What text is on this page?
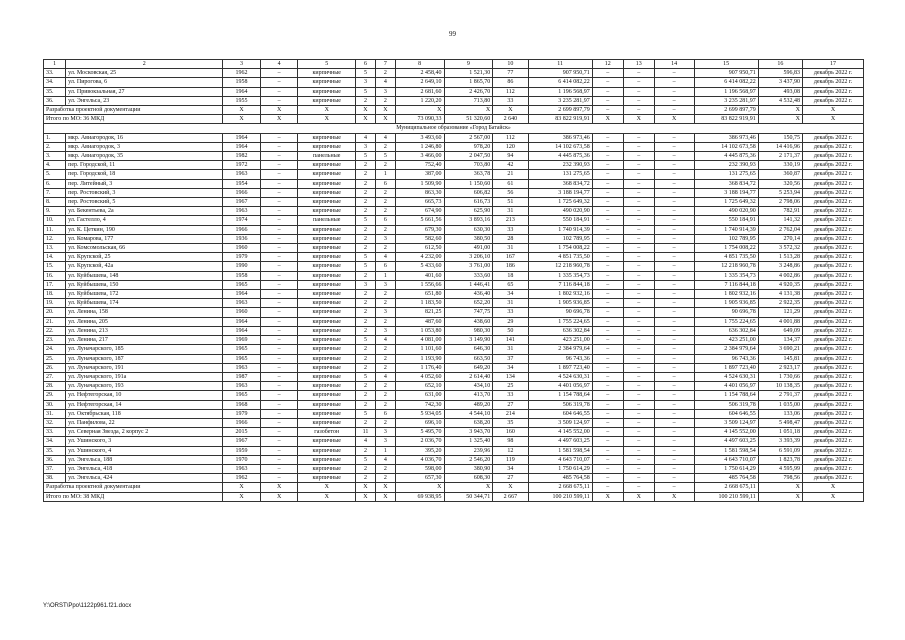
99
1	2	3	4	5	6	7	8	9	10	11	12	13	14	15	16	17
33.	ул. Московская, 25	1962	–	кирпичные	5	2	2 458,40	1 521,30	77	907 950,71	–	–	–	907 950,71	596,83	декабрь 2022 г.
34.	ул. Пирогова, 6	1958	–	кирпичные	3	4	2 649,10	1 865,70	86	6 414 082,22	–	–	–	6 414 082,22	3 437,90	декабрь 2022 г.
35.	ул. Привокзальная, 27	1964	–	кирпичные	5	3	2 681,60	2 426,70	112	1 196 568,97	–	–	–	1 196 568,97	493,08	декабрь 2022 г.
36.	ул. Энгельса, 23	1955	–	кирпичные	2	2	1 220,20	713,80	33	3 235 281,97	–	–	–	3 235 281,97	4 532,48	декабрь 2022 г.
Разработка проектной документации		X	X	X	X	X	X	X	X	2 699 897,79	–	–	–	2 699 897,79	X	X
Итого по МО: 36 МКД		X	X	X	X	X	73 090,33	51 320,60	2 640	83 822 919,91	X	X	X	83 822 919,91	X	X
Муниципальное образование «Город Батайск»																
1.	мкр. Авиагородок, 16	1964	–	кирпичные	4	4	3 493,60	2 567,00	112	386 973,46	–	–	–	386 973,46	150,75	декабрь 2022 г.
2.	мкр. Авиагородок, 3	1964	–	кирпичные	3	2	1 246,80	978,20	120	14 102 673,58	–	–	–	14 102 673,58	14 416,96	декабрь 2022 г.
3.	мкр. Авиагородок, 35	1982	–	панельные	5	5	3 466,00	2 047,50	94	4 445 875,36	–	–	–	4 445 875,36	2 171,37	декабрь 2022 г.
4.	пер. Городской, 11	1972	–	кирпичные	2	2	752,40	703,80	42	232 390,93	–	–	–	232 390,93	330,19	декабрь 2022 г.
5.	пер. Городской, 18	1963	–	кирпичные	2	1	387,00	363,78	21	131 275,65	–	–	–	131 275,65	360,87	декабрь 2022 г.
6.	пер. Литейный, 3	1954	–	кирпичные	2	6	1 509,90	1 150,60	61	368 834,72	–	–	–	368 834,72	320,56	декабрь 2022 г.
7.	пер. Ростовский, 3	1966	–	кирпичные	2	2	863,30	606,82	56	3 188 194,77	–	–	–	3 188 194,77	5 253,94	декабрь 2022 г.
8.	пер. Ростовский, 5	1967	–	кирпичные	2	2	665,73	616,73	51	1 725 649,32	–	–	–	1 725 649,32	2 798,06	декабрь 2022 г.
9.	ул. Бекентьева, 2а	1963	–	кирпичные	2	2	674,90	625,90	31	490 020,90	–	–	–	490 020,90	782,91	декабрь 2022 г.
10.	ул. Гастелло, 4	1974	–	панельные	5	6	5 661,56	3 893,16	213	550 184,91	–	–	–	550 184,91	141,32	декабрь 2022 г.
11.	ул. К. Цеткин, 190	1966	–	кирпичные	2	2	679,30	630,30	33	1 740 914,39	–	–	–	1 740 914,39	2 762,04	декабрь 2022 г.
12.	ул. Комарова, 177	1936	–	кирпичные	2	3	582,60	380,50	28	102 789,95	–	–	–	102 789,95	270,14	декабрь 2022 г.
13.	ул. Комсомольская, 66	1960	–	кирпичные	2	2	612,50	491,00	31	1 754 008,22	–	–	–	1 754 008,22	3 572,32	декабрь 2022 г.
14.	ул. Крупской, 25	1979	–	кирпичные	5	4	4 232,00	3 206,10	167	4 851 735,50	–	–	–	4 851 735,50	1 513,28	декабрь 2022 г.
15.	ул. Крупской, 42а	1990	–	кирпичные	5	6	5 433,60	3 761,00	186	12 218 960,78	–	–	–	12 218 960,78	3 248,86	декабрь 2022 г.
16.	ул. Куйбышева, 148	1958	–	кирпичные	2	1	401,60	333,60	18	1 335 354,73	–	–	–	1 335 354,73	4 002,86	декабрь 2022 г.
17.	ул. Куйбышева, 150	1965	–	кирпичные	3	3	1 556,66	1 446,41	65	7 116 844,18	–	–	–	7 116 844,18	4 920,35	декабрь 2022 г.
18.	ул. Куйбышева, 172	1964	–	кирпичные	2	2	651,80	436,40	34	1 802 932,16	–	–	–	1 802 932,16	4 131,38	декабрь 2022 г.
19.	ул. Куйбышева, 174	1963	–	кирпичные	2	2	1 183,50	652,20	31	1 905 936,85	–	–	–	1 905 936,85	2 922,35	декабрь 2022 г.
20.	ул. Ленина, 158	1960	–	кирпичные	2	3	821,25	747,75	33	90 696,78	–	–	–	90 696,78	121,29	декабрь 2022 г.
21.	ул. Ленина, 205	1964	–	кирпичные	2	2	487,60	438,60	29	1 755 224,65	–	–	–	1 755 224,65	4 001,88	декабрь 2022 г.
22.	ул. Ленина, 213	1964	–	кирпичные	2	3	1 053,80	980,30	50	636 302,84	–	–	–	636 302,84	649,09	декабрь 2022 г.
23.	ул. Ленина, 217	1969	–	кирпичные	5	4	4 081,00	3 149,90	141	423 251,00	–	–	–	423 251,00	134,37	декабрь 2022 г.
24.	ул. Луначарского, 185	1965	–	кирпичные	2	2	1 101,60	646,30	31	2 384 979,64	–	–	–	2 384 979,64	3 690,21	декабрь 2022 г.
25.	ул. Луначарского, 187	1965	–	кирпичные	2	2	1 193,90	663,50	37	96 743,36	–	–	–	96 743,36	145,81	декабрь 2022 г.
26.	ул. Луначарского, 191	1963	–	кирпичные	2	2	1 176,40	649,20	34	1 897 723,40	–	–	–	1 897 723,40	2 923,17	декабрь 2022 г.
27.	ул. Луначарского, 191а	1987	–	кирпичные	5	4	4 052,60	2 614,40	134	4 524 630,31	–	–	–	4 524 630,31	1 730,66	декабрь 2022 г.
28.	ул. Луначарского, 193	1963	–	кирпичные	2	2	652,10	434,10	25	4 401 056,97	–	–	–	4 401 056,97	10 138,35	декабрь 2022 г.
29.	ул. Нефтегорская, 10	1965	–	кирпичные	2	2	631,00	413,70	33	1 154 788,64	–	–	–	1 154 788,64	2 791,37	декабрь 2022 г.
30.	ул. Нефтегорская, 14	1968	–	кирпичные	2	2	742,30	489,20	27	506 319,78	–	–	–	506 319,78	1 035,00	декабрь 2022 г.
31.	ул. Октябрьская, 118	1979	–	кирпичные	5	6	5 934,05	4 544,10	214	604 646,55	–	–	–	604 646,55	133,06	декабрь 2022 г.
32.	ул. Панфилова, 22	1966	–	кирпичные	2	2	696,10	638,20	35	3 509 124,97	–	–	–	3 509 124,97	5 498,47	декабрь 2022 г.
33.	ул. Северная Звезда, 2 корпус 2	2015	–	газобетон	11	3	5 495,70	3 943,70	160	4 145 552,00	–	–	–	4 145 552,00	1 051,18	декабрь 2022 г.
34.	ул. Ушинского, 3	1967	–	кирпичные	4	3	2 036,70	1 325,40	98	4 497 603,25	–	–	–	4 497 603,25	3 393,39	декабрь 2022 г.
35.	ул. Ушинского, 4	1959	–	кирпичные	2	1	395,20	239,96	12	1 581 598,54	–	–	–	1 581 598,54	6 591,09	декабрь 2022 г.
36.	ул. Энгельса, 188	1970	–	кирпичные	5	4	4 036,70	2 546,20	119	4 643 710,07	–	–	–	4 643 710,07	1 823,78	декабрь 2022 г.
37.	ул. Энгельса, 418	1963	–	кирпичные	2	2	598,00	380,90	34	1 750 614,29	–	–	–	1 750 614,29	4 595,99	декабрь 2022 г.
38.	ул. Энгельса, 424	1962	–	кирпичные	2	2	657,30	608,30	27	485 764,58	–	–	–	485 764,58	798,56	декабрь 2022 г.
Разработка проектной документации		X	X	X	X	X	X	X	X	2 668 675,11	–	–	–	2 668 675,11	X	X
Итого по МО: 38 МКД		X	X	X	X	X	69 938,95	50 344,71	2 667	100 210 599,11	X	X	X	100 210 599,11	X	X
Y:\ORST\Ppo\1122p961.f21.docx
